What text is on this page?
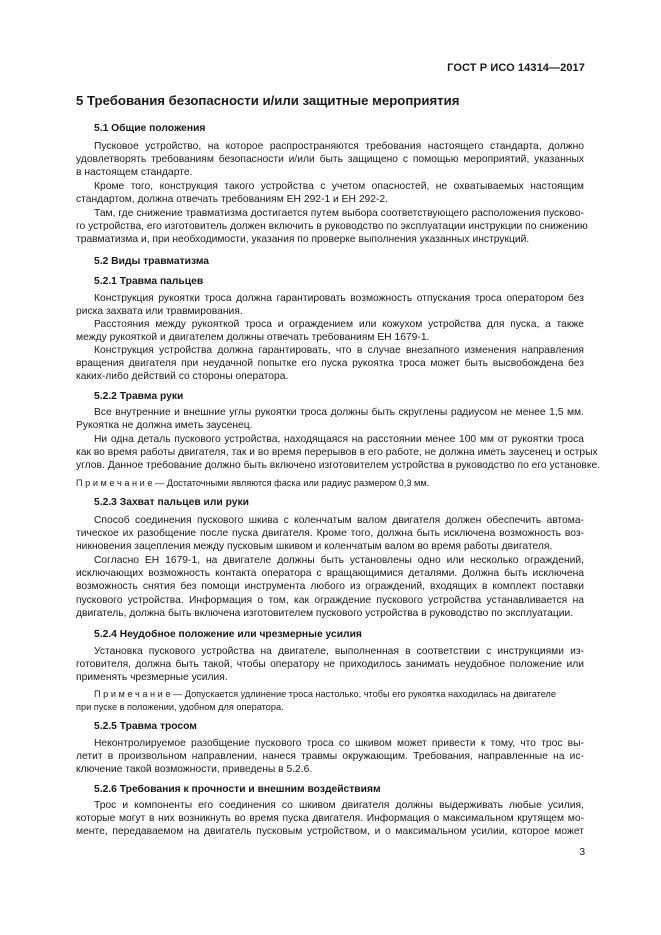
ГОСТ Р ИСО 14314—2017
5 Требования безопасности и/или защитные мероприятия
5.1 Общие положения
Пусковое устройство, на которое распространяются требования настоящего стандарта, должно
удовлетворять требованиям безопасности и/или быть защищено с помощью мероприятий, указанных
в настоящем стандарте.
Кроме того, конструкция такого устройства с учетом опасностей, не охватываемых настоящим
стандартом, должна отвечать требованиям ЕН 292-1 и ЕН 292-2.
Там, где снижение травматизма достигается путем выбора соответствующего расположения пусково-
го устройства, его изготовитель должен включить в руководство по эксплуатации инструкции по снижению
травматизма и, при необходимости, указания по проверке выполнения указанных инструкций.
5.2 Виды травматизма
5.2.1 Травма пальцев
Конструкция рукоятки троса должна гарантировать возможность отпускания троса оператором без
риска захвата или травмирования.
Расстояния между рукояткой троса и ограждением или кожухом устройства для пуска, а также
между рукояткой и двигателем должны отвечать требованиям ЕН 1679-1.
Конструкция устройства должна гарантировать, что в случае внезапного изменения направления
вращения двигателя при неудачной попытке его пуска рукоятка троса может быть высвобождена без
каких-либо действий со стороны оператора.
5.2.2 Травма руки
Все внутренние и внешние углы рукоятки троса должны быть скруглены радиусом не менее 1,5 мм.
Рукоятка не должна иметь заусенец.
Ни одна деталь пускового устройства, находящаяся на расстоянии менее 100 мм от рукоятки троса
как во время работы двигателя, так и во время перерывов в его работе, не должна иметь заусенец и острых
углов. Данное требование должно быть включено изготовителем устройства в руководство по его установке.
П р и м е ч а н и е — Достаточными являются фаска или радиус размером 0,3 мм.
5.2.3 Захват пальцев или руки
Способ соединения пускового шкива с коленчатым валом двигателя должен обеспечить автома-
тическое их разобщение после пуска двигателя. Кроме того, должна быть исключена возможность воз-
никновения зацепления между пусковым шкивом и коленчатым валом во время работы двигателя.
Согласно ЕН 1679-1, на двигателе должны быть установлены одно или несколько ограждений,
исключающих возможность контакта оператора с вращающимися деталями. Должна быть исключена
возможность снятия без помощи инструмента любого из ограждений, входящих в комплект поставки
пускового устройства. Информация о том, как ограждение пускового устройства устанавливается на
двигатель, должна быть включена изготовителем пускового устройства в руководство по эксплуатации.
5.2.4 Неудобное положение или чрезмерные усилия
Установка пускового устройства на двигателе, выполненная в соответствии с инструкциями из-
готовителя, должна быть такой, чтобы оператору не приходилось занимать неудобное положение или
применять чрезмерные усилия.
П р и м е ч а н и е — Допускается удлинение троса настолько, чтобы его рукоятка находилась на двигателе
при пуске в положении, удобном для оператора.
5.2.5 Травма тросом
Неконтролируемое разобщение пускового троса со шкивом может привести к тому, что трос вы-
летит в произвольном направлении, нанеся травмы окружающим. Требования, направленные на ис-
ключение такой возможности, приведены в 5.2.6.
5.2.6 Требования к прочности и внешним воздействиям
Трос и компоненты его соединения со шкивом двигателя должны выдерживать любые усилия,
которые могут в них возникнуть во время пуска двигателя. Информация о максимальном крутящем мо-
менте, передаваемом на двигатель пусковым устройством, и о максимальном усилии, которое может
3
